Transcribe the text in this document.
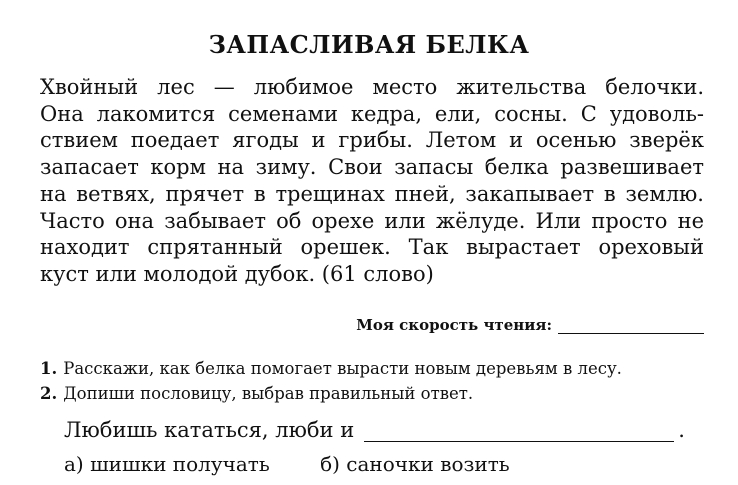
ЗАПАСЛИВАЯ БЕЛКА
Хвойный лес — любимое место жительства белочки.
Она лакомится семенами кедра, ели, сосны. С удоволь-
ствием поедает ягоды и грибы. Летом и осенью зверёк
запасает корм на зиму. Свои запасы белка развешивает
на ветвях, прячет в трещинах пней, закапывает в землю.
Часто она забывает об орехе или жёлуде. Или просто не
находит спрятанный орешек. Так вырастает ореховый
куст или молодой дубок. (61 слово)
Моя скорость чтения:
1. Расскажи, как белка помогает вырасти новым деревьям в лесу.
2. Допиши пословицу, выбрав правильный ответ.
Любишь кататься, люби и	.
а) шишки получать	б) саночки возить
